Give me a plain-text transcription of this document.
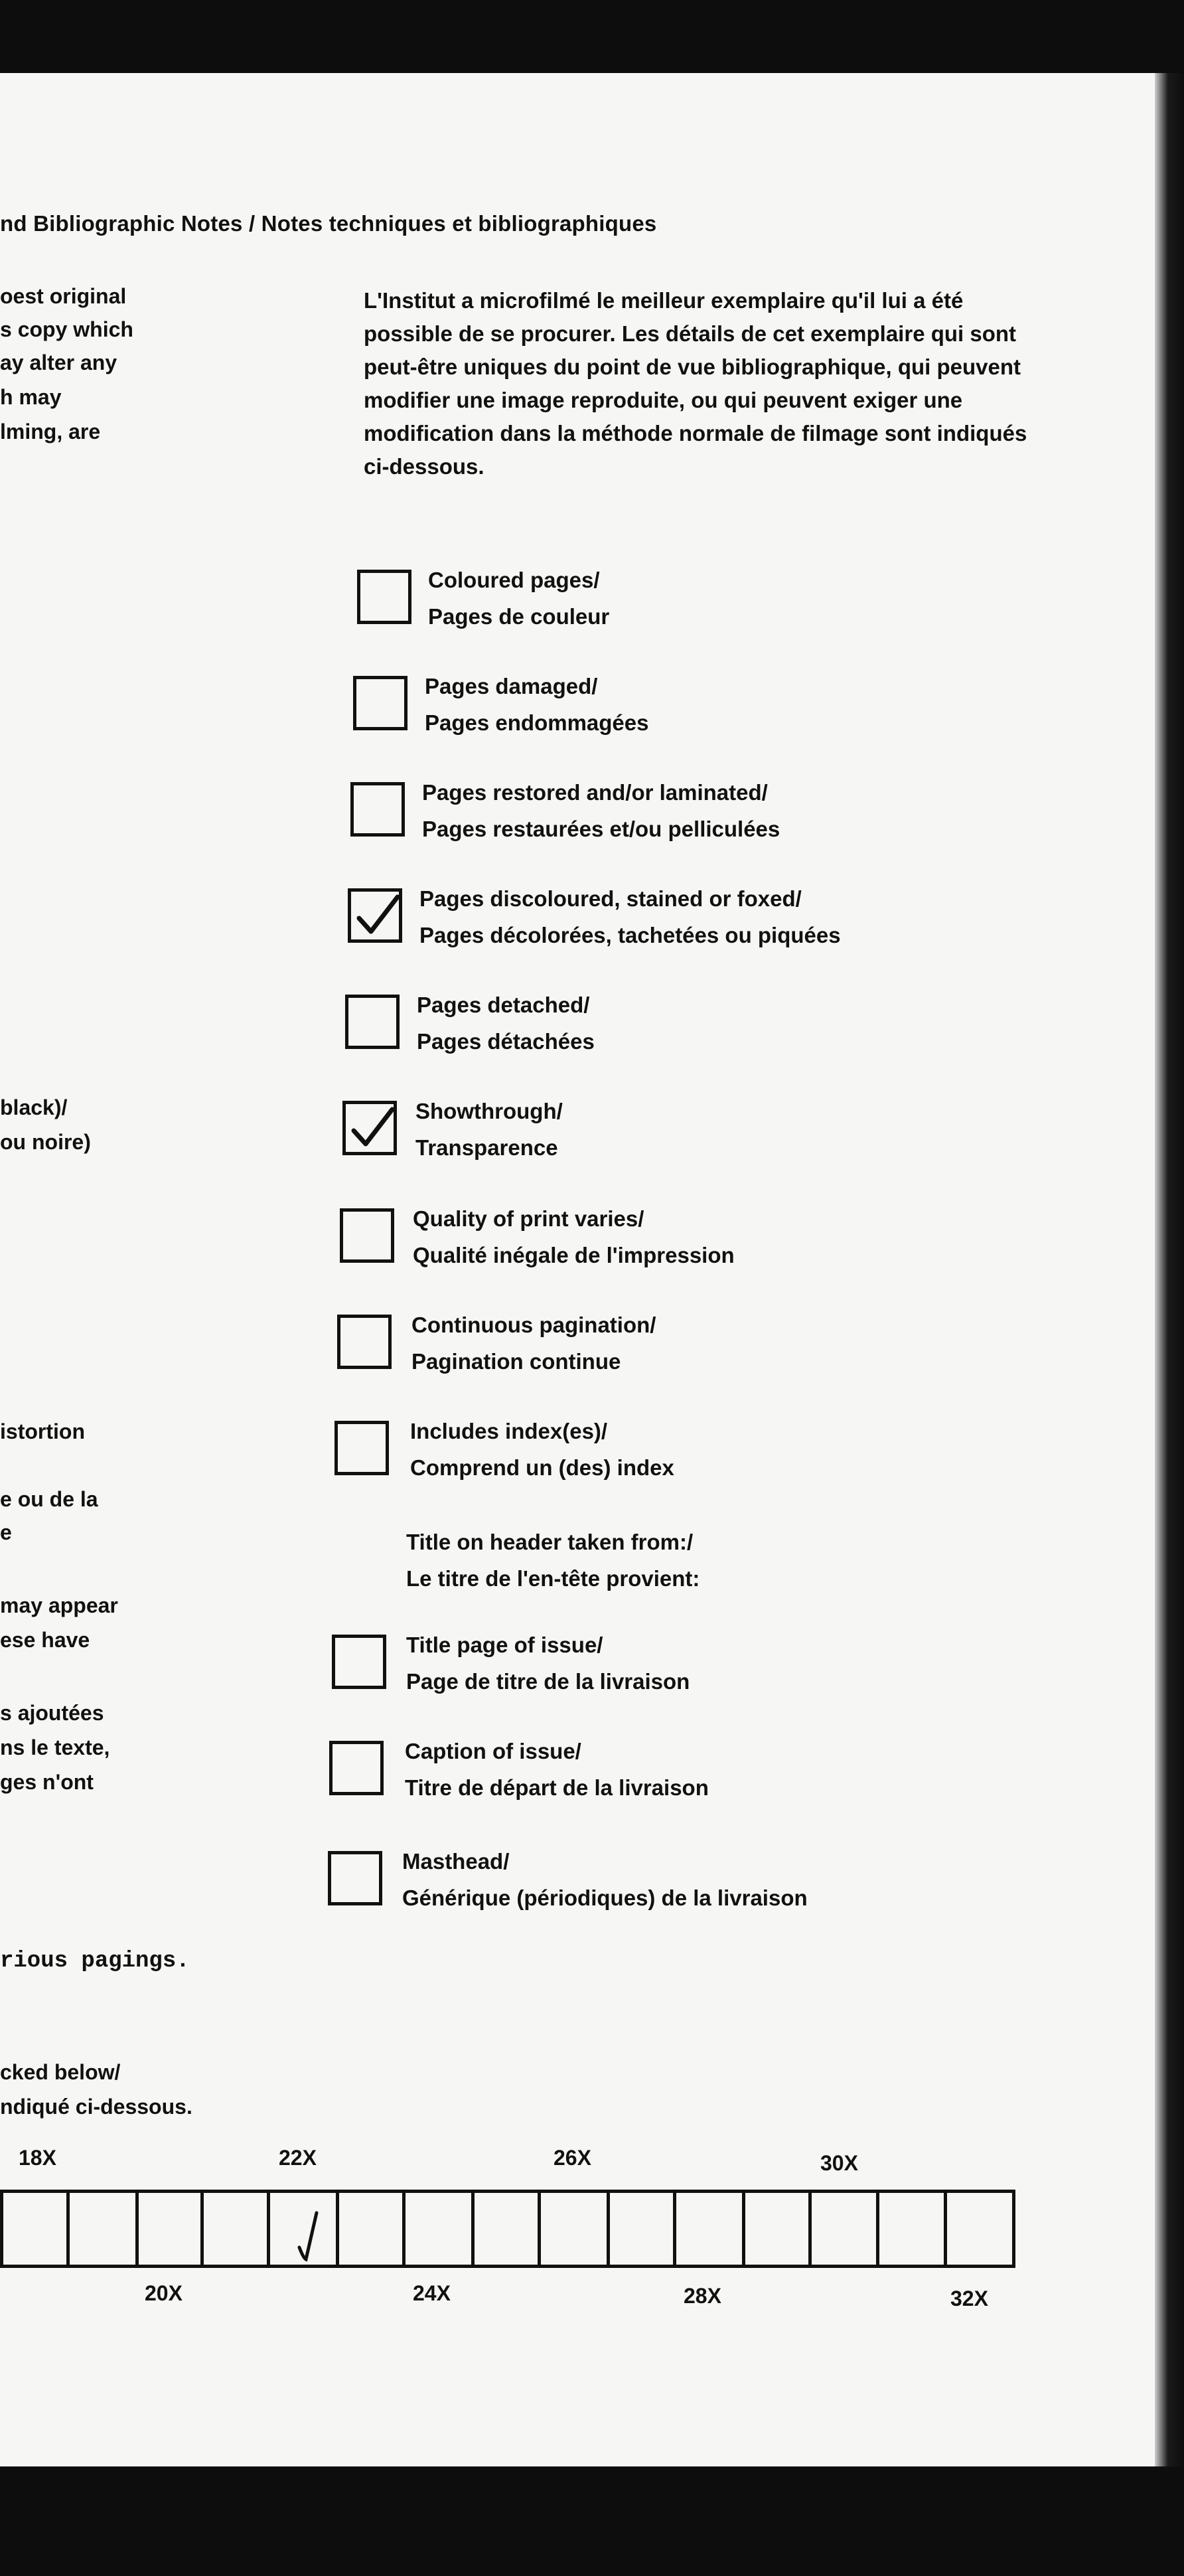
nd Bibliographic Notes / Notes techniques et bibliographiques
oest original
s copy which
ay alter any
h may
lming, are
black)/
ou noire)
istortion
e ou de la
e
may appear
ese have
s ajoutées
ns le texte,
ges n'ont
L'Institut a microfilmé le meilleur exemplaire qu'il lui a été possible de se procurer. Les détails de cet exemplaire qui sont peut-être uniques du point de vue bibliographique, qui peuvent modifier une image reproduite, ou qui peuvent exiger une modification dans la méthode normale de filmage sont indiqués ci-dessous.
Coloured pages/
Pages de couleur
Pages damaged/
Pages endommagées
Pages restored and/or laminated/
Pages restaurées et/ou pelliculées
Pages discoloured, stained or foxed/
Pages décolorées, tachetées ou piquées
Pages detached/
Pages détachées
Showthrough/
Transparence
Quality of print varies/
Qualité inégale de l'impression
Continuous pagination/
Pagination continue
Includes index(es)/
Comprend un (des) index
Title on header taken from:/
Le titre de l'en-tête provient:
Title page of issue/
Page de titre de la livraison
Caption of issue/
Titre de départ de la livraison
Masthead/
Générique (périodiques) de la livraison
rious pagings.
cked below/
ndiqué ci-dessous.
18X	22X	26X	30X
20X	24X	28X	32X
